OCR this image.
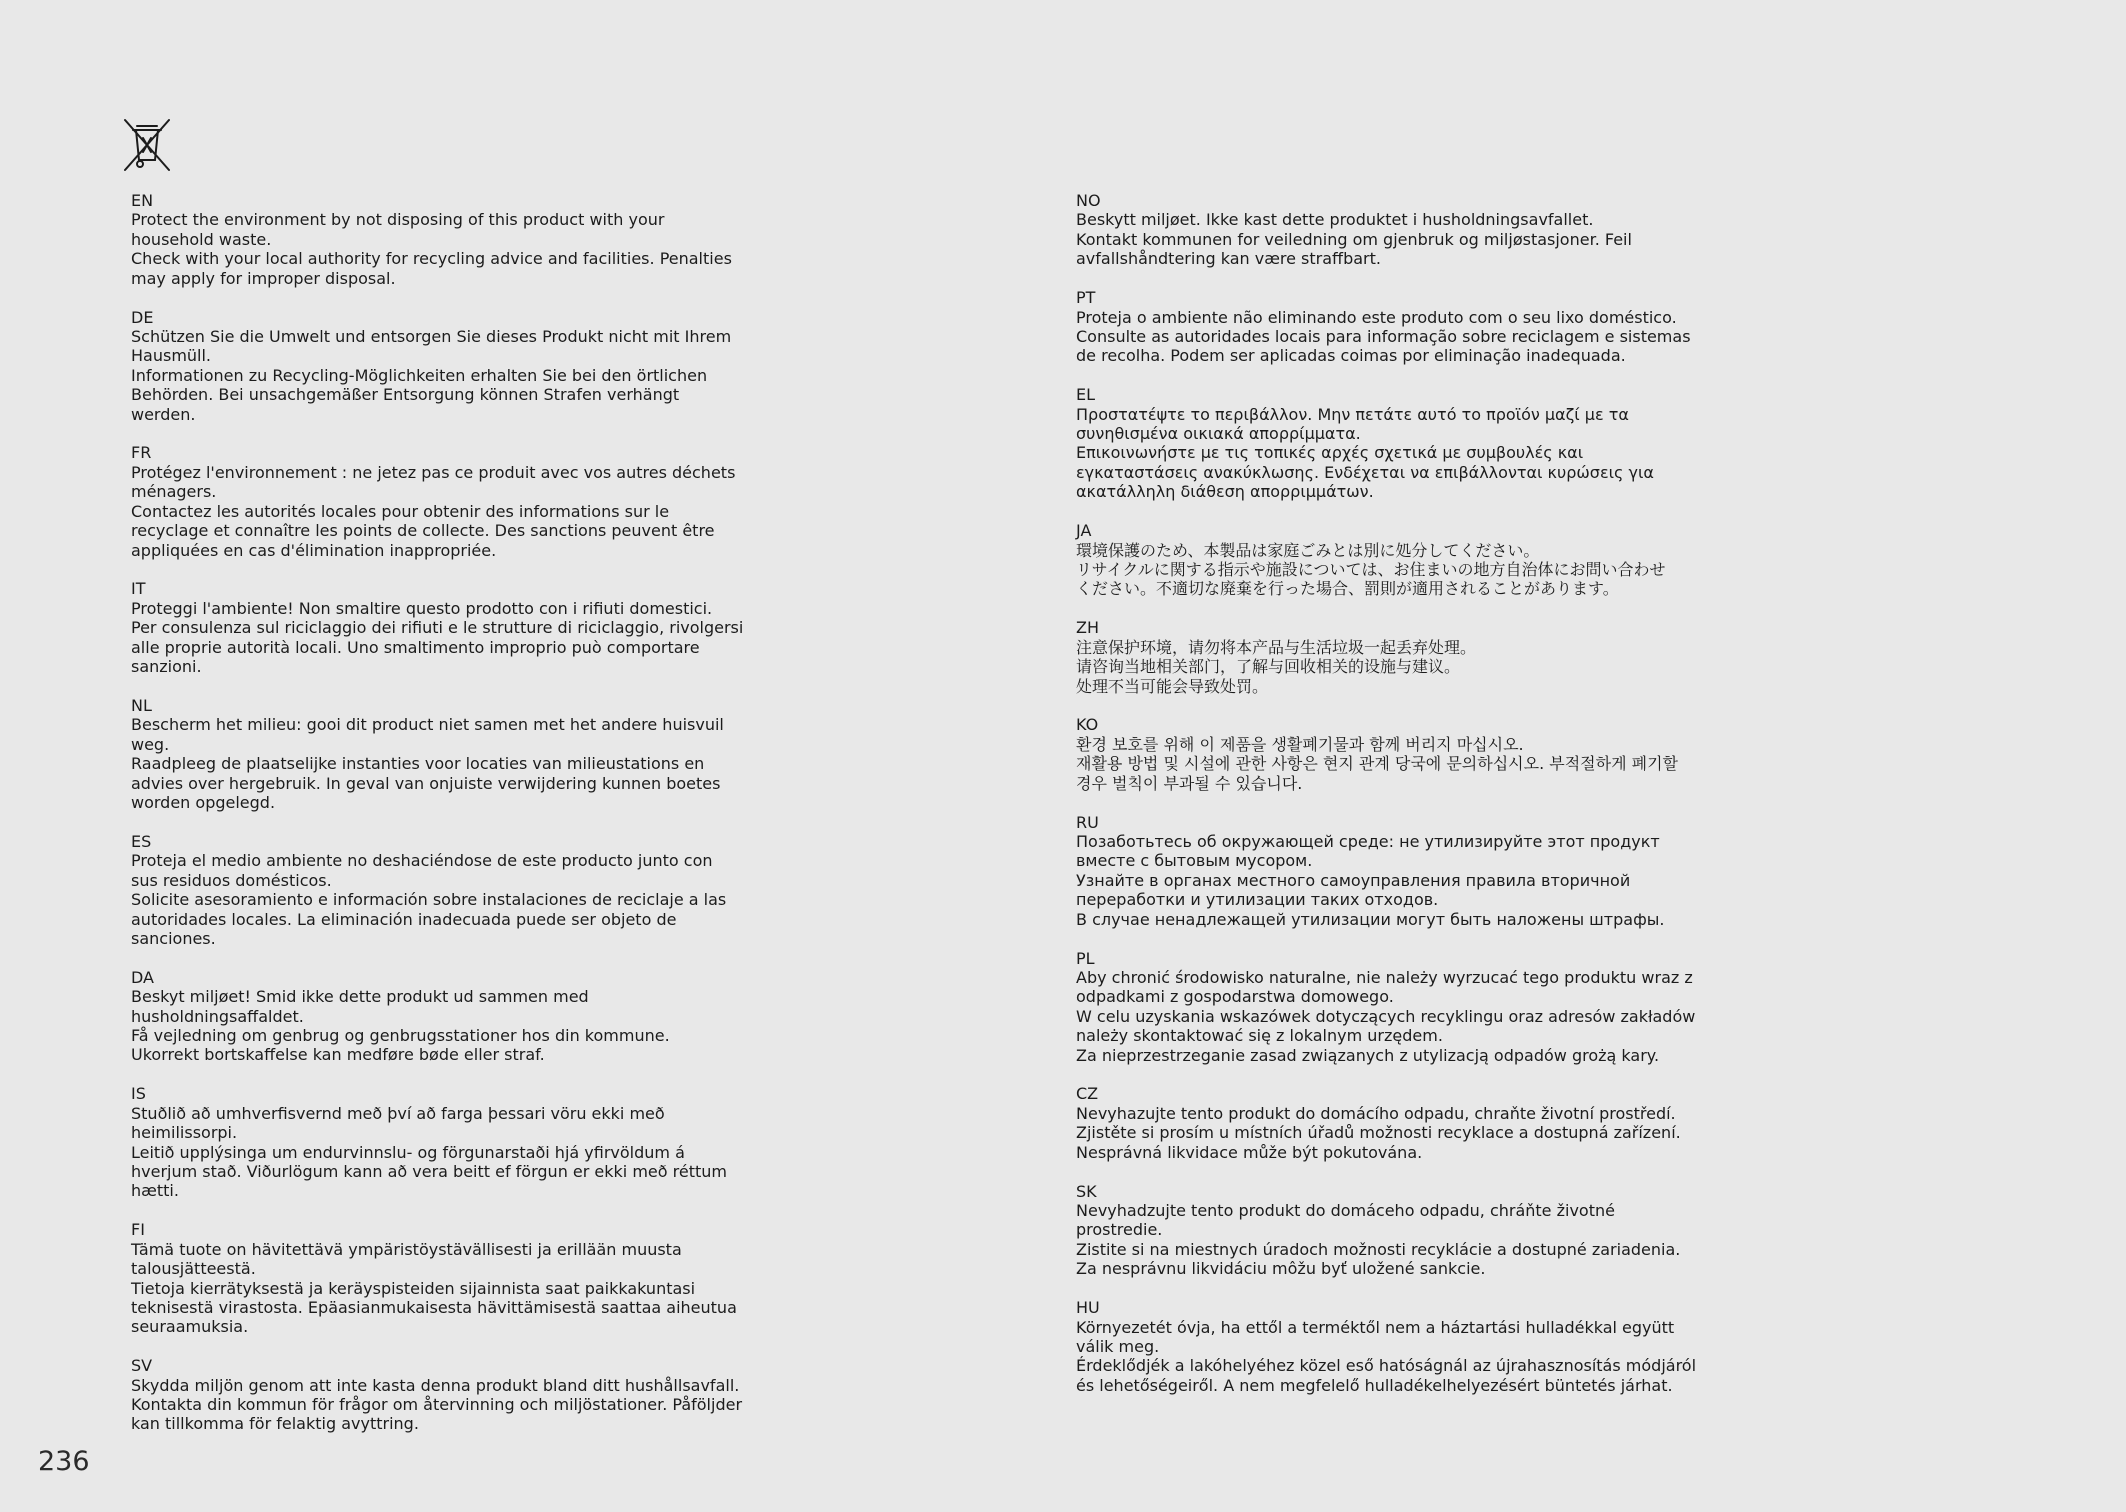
EN
Protect the environment by not disposing of this product with your
household waste.
Check with your local authority for recycling advice and facilities. Penalties
may apply for improper disposal.
DE
Schützen Sie die Umwelt und entsorgen Sie dieses Produkt nicht mit Ihrem
Hausmüll.
Informationen zu Recycling-Möglichkeiten erhalten Sie bei den örtlichen
Behörden. Bei unsachgemäßer Entsorgung können Strafen verhängt
werden.
FR
Protégez l'environnement : ne jetez pas ce produit avec vos autres déchets
ménagers.
Contactez les autorités locales pour obtenir des informations sur le
recyclage et connaître les points de collecte. Des sanctions peuvent être
appliquées en cas d'élimination inappropriée.
IT
Proteggi l'ambiente! Non smaltire questo prodotto con i rifiuti domestici.
Per consulenza sul riciclaggio dei rifiuti e le strutture di riciclaggio, rivolgersi
alle proprie autorità locali. Uno smaltimento improprio può comportare
sanzioni.
NL
Bescherm het milieu: gooi dit product niet samen met het andere huisvuil
weg.
Raadpleeg de plaatselijke instanties voor locaties van milieustations en
advies over hergebruik. In geval van onjuiste verwijdering kunnen boetes
worden opgelegd.
ES
Proteja el medio ambiente no deshaciéndose de este producto junto con
sus residuos domésticos.
Solicite asesoramiento e información sobre instalaciones de reciclaje a las
autoridades locales. La eliminación inadecuada puede ser objeto de
sanciones.
DA
Beskyt miljøet! Smid ikke dette produkt ud sammen med
husholdningsaffaldet.
Få vejledning om genbrug og genbrugsstationer hos din kommune.
Ukorrekt bortskaffelse kan medføre bøde eller straf.
IS
Stuðlið að umhverfisvernd með því að farga þessari vöru ekki með
heimilissorpi.
Leitið upplýsinga um endurvinnslu- og förgunarstaði hjá yfirvöldum á
hverjum stað. Viðurlögum kann að vera beitt ef förgun er ekki með réttum
hætti.
FI
Tämä tuote on hävitettävä ympäristöystävällisesti ja erillään muusta
talousjätteestä.
Tietoja kierrätyksestä ja keräyspisteiden sijainnista saat paikkakuntasi
teknisestä virastosta. Epäasianmukaisesta hävittämisestä saattaa aiheutua
seuraamuksia.
SV
Skydda miljön genom att inte kasta denna produkt bland ditt hushållsavfall.
Kontakta din kommun för frågor om återvinning och miljöstationer. Påföljder
kan tillkomma för felaktig avyttring.
NO
Beskytt miljøet. Ikke kast dette produktet i husholdningsavfallet.
Kontakt kommunen for veiledning om gjenbruk og miljøstasjoner. Feil
avfallshåndtering kan være straffbart.
PT
Proteja o ambiente não eliminando este produto com o seu lixo doméstico.
Consulte as autoridades locais para informação sobre reciclagem e sistemas
de recolha. Podem ser aplicadas coimas por eliminação inadequada.
EL
Προστατέψτε το περιβάλλον. Μην πετάτε αυτό το προϊόν μαζί με τα
συνηθισμένα οικιακά απορρίμματα.
Επικοινωνήστε με τις τοπικές αρχές σχετικά με συμβουλές και
εγκαταστάσεις ανακύκλωσης. Ενδέχεται να επιβάλλονται κυρώσεις για
ακατάλληλη διάθεση απορριμμάτων.
JA
環境保護のため、本製品は家庭ごみとは別に処分してください。
リサイクルに関する指示や施設については、お住まいの地方自治体にお問い合わせ
ください。不適切な廃棄を行った場合、罰則が適用されることがあります。
ZH
注意保护环境，请勿将本产品与生活垃圾一起丢弃处理。
请咨询当地相关部门，了解与回收相关的设施与建议。
处理不当可能会导致处罚。
KO
환경 보호를 위해 이 제품을 생활폐기물과 함께 버리지 마십시오.
재활용 방법 및 시설에 관한 사항은 현지 관계 당국에 문의하십시오. 부적절하게 폐기할
경우 벌칙이 부과될 수 있습니다.
RU
Позаботьтесь об окружающей среде: не утилизируйте этот продукт
вместе с бытовым мусором.
Узнайте в органах местного самоуправления правила вторичной
переработки и утилизации таких отходов.
В случае ненадлежащей утилизации могут быть наложены штрафы.
PL
Aby chronić środowisko naturalne, nie należy wyrzucać tego produktu wraz z
odpadkami z gospodarstwa domowego.
W celu uzyskania wskazówek dotyczących recyklingu oraz adresów zakładów
należy skontaktować się z lokalnym urzędem.
Za nieprzestrzeganie zasad związanych z utylizacją odpadów grożą kary.
CZ
Nevyhazujte tento produkt do domácího odpadu, chraňte životní prostředí.
Zjistěte si prosím u místních úřadů možnosti recyklace a dostupná zařízení.
Nesprávná likvidace může být pokutována.
SK
Nevyhadzujte tento produkt do domáceho odpadu, chráňte životné
prostredie.
Zistite si na miestnych úradoch možnosti recyklácie a dostupné zariadenia.
Za nesprávnu likvidáciu môžu byť uložené sankcie.
HU
Környezetét óvja, ha ettől a terméktől nem a háztartási hulladékkal együtt
válik meg.
Érdeklődjék a lakóhelyéhez közel eső hatóságnál az újrahasznosítás módjáról
és lehetőségeiről. A nem megfelelő hulladékelhelyezésért büntetés járhat.
236
